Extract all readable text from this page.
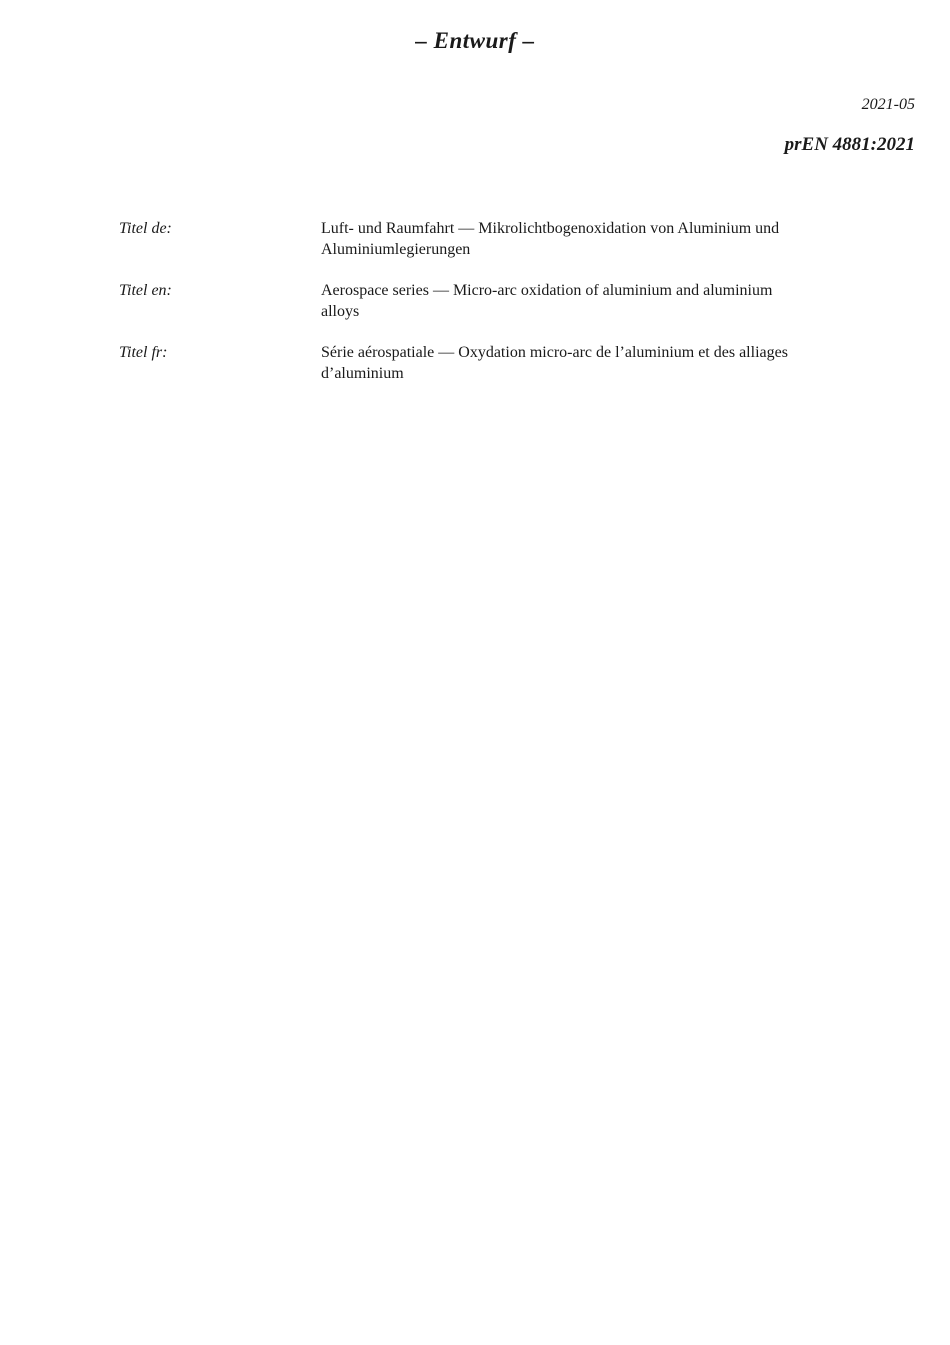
– Entwurf –
2021-05
prEN 4881:2021
Titel de:	Luft- und Raumfahrt — Mikrolichtbogenoxidation von Aluminium und
Aluminiumlegierungen
Titel en:	Aerospace series — Micro-arc oxidation of aluminium and aluminium
alloys
Titel fr:	Série aérospatiale — Oxydation micro-arc de l’aluminium et des alliages
d’aluminium
